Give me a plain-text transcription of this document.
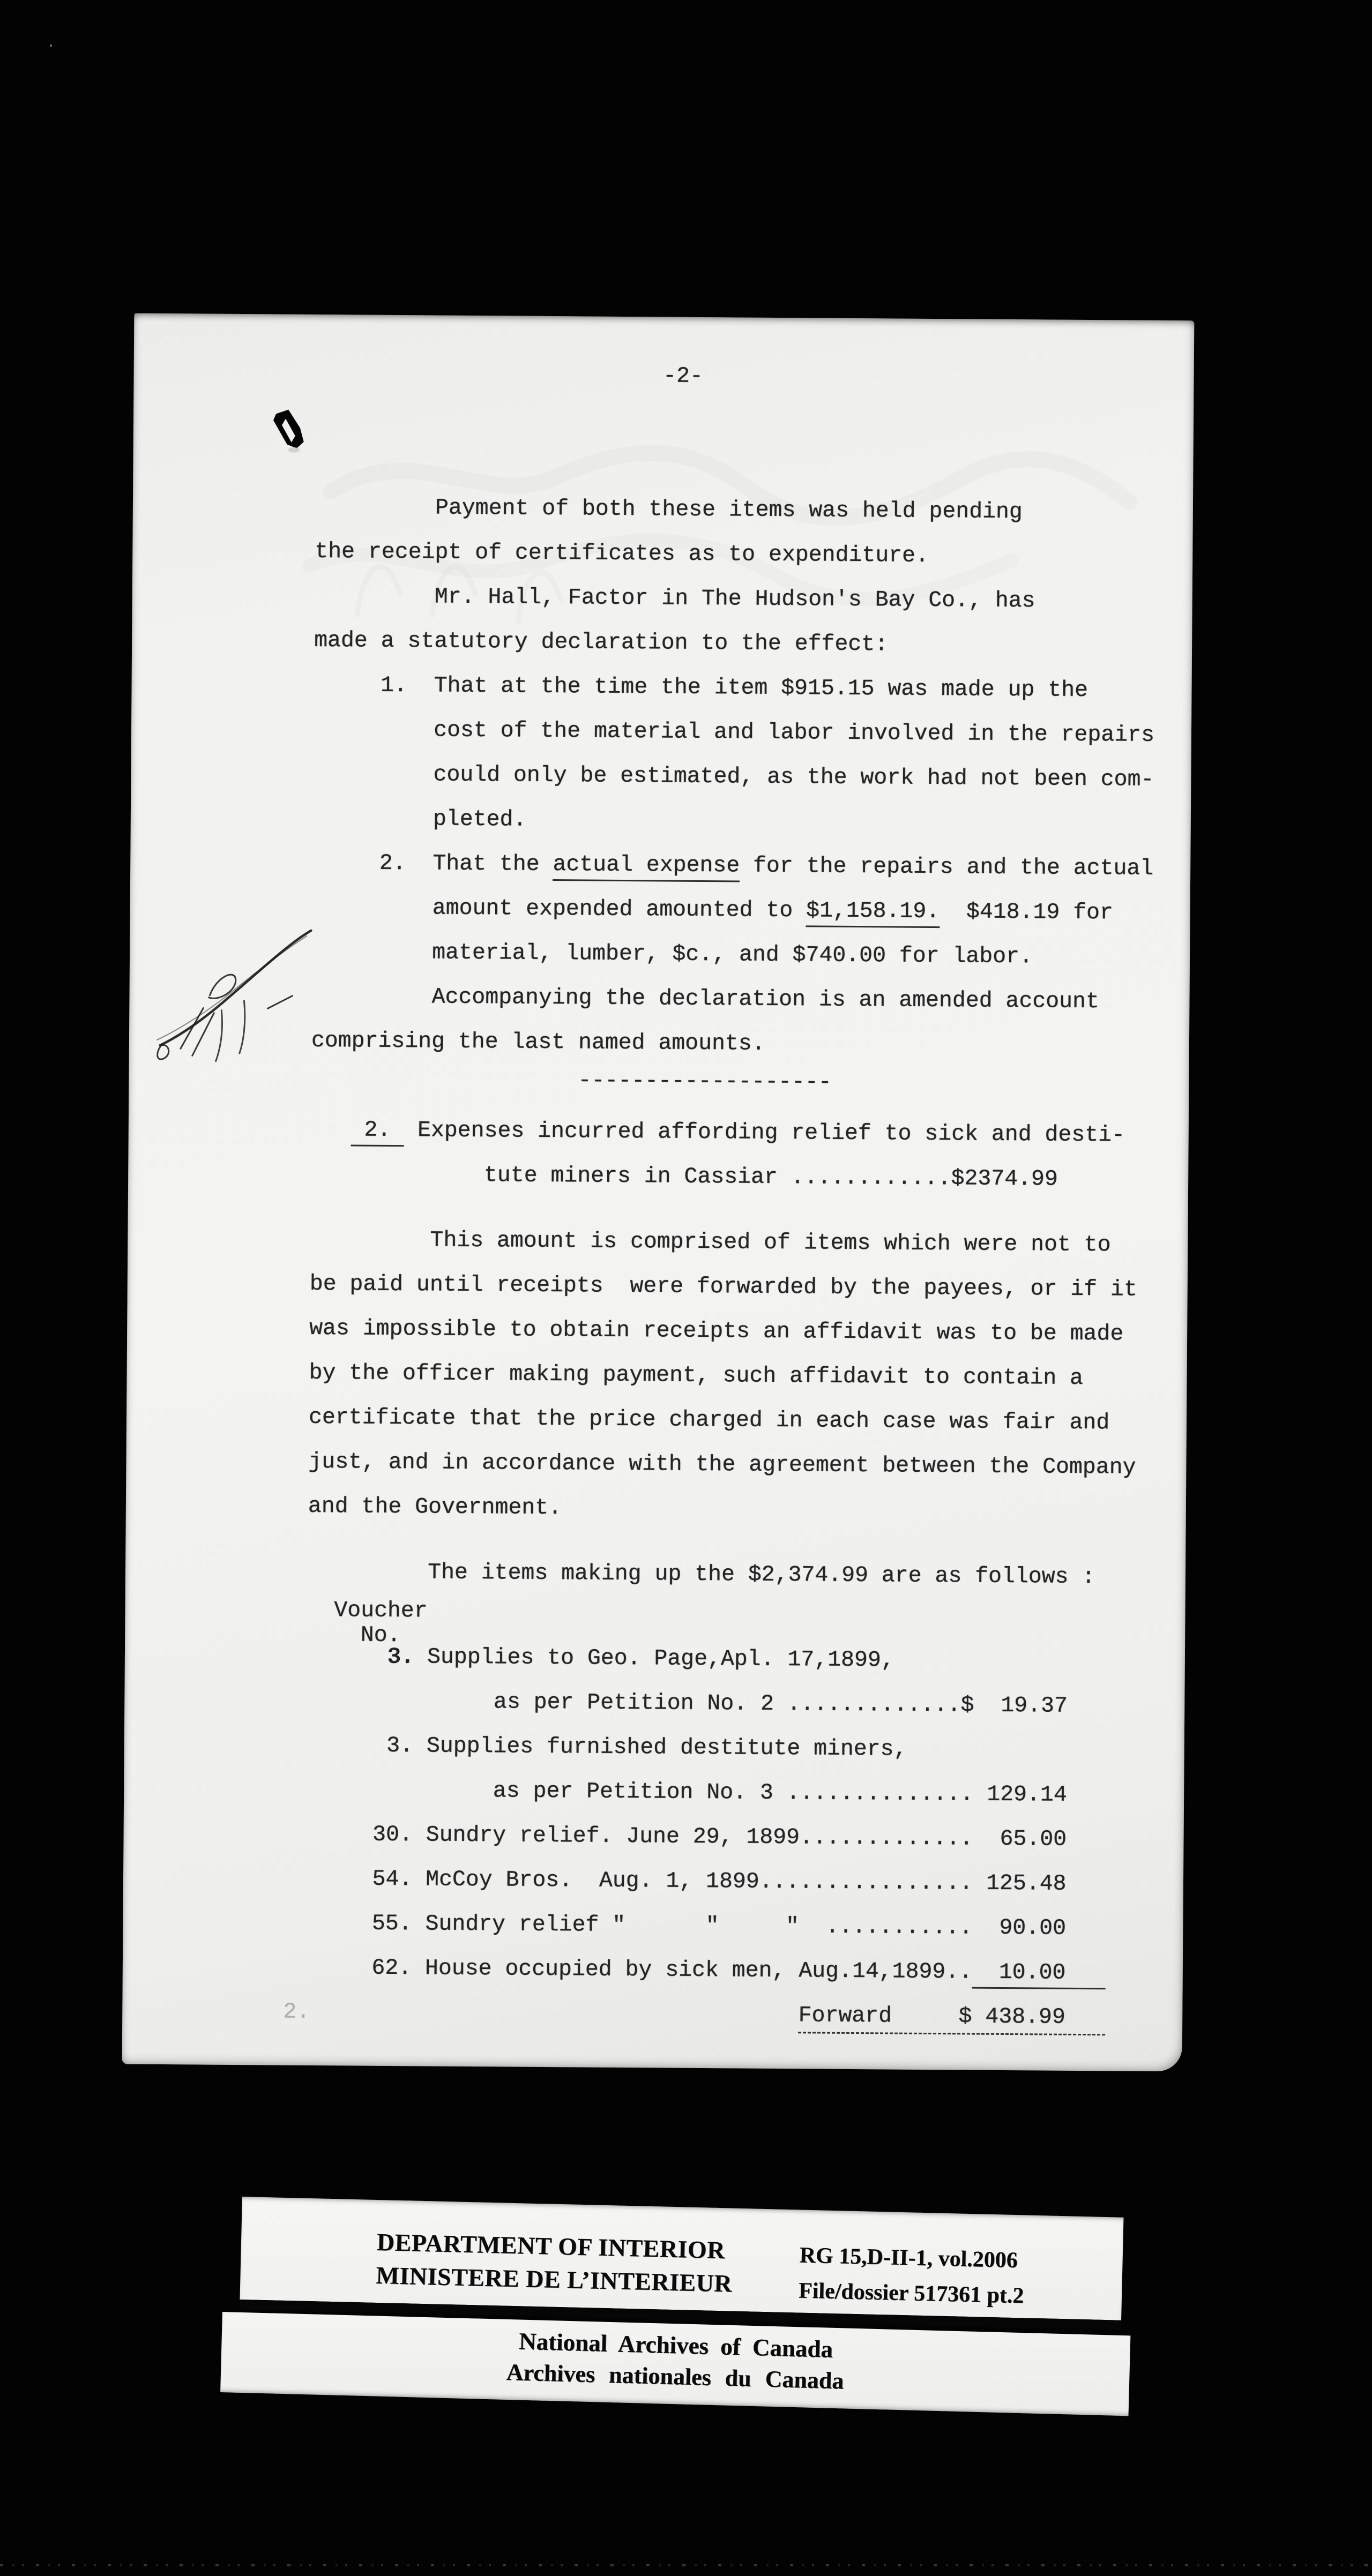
-2-
Payment of both these items was held pending
the receipt of certificates as to expenditure.
Mr. Hall, Factor in The Hudson's Bay Co., has
made a statutory declaration to the effect:
1.  That at the time the item $915.15 was made up the
cost of the material and labor involved in the repairs
could only be estimated, as the work had not been com-
pleted.
2.  That the actual expense for the repairs and the actual
amount expended amounted to $1,158.19.  $418.19 for
material, lumber, $c., and $740.00 for labor.
Accompanying the declaration is an amended account
comprising the last named amounts.
-------------------
2.  Expenses incurred affording relief to sick and desti-
tute miners in Cassiar ............$2374.99
This amount is comprised of items which were not to
be paid until receipts  were forwarded by the payees, or if it
was impossible to obtain receipts an affidavit was to be made
by the officer making payment, such affidavit to contain a
certificate that the price charged in each case was fair and
just, and in accordance with the agreement between the Company
and the Government.
The items making up the $2,374.99 are as follows :
Voucher
No.
3. Supplies to Geo. Page,Apl. 17,1899,
as per Petition No. 2 .............$  19.37
3. Supplies furnished destitute miners,
as per Petition No. 3 .............. 129.14
30. Sundry relief. June 29, 1899.............  65.00
54. McCoy Bros.  Aug. 1, 1899................ 125.48
55. Sundry relief "      "     "  ...........  90.00
62. House occupied by sick men, Aug.14,1899..  10.00
Forward     $ 438.99
2.
DEPARTMENT OF INTERIOR
MINISTERE DE L’INTERIEUR
RG 15,D-II-1, vol.2006
File/dossier 517361 pt.2
National Archives of Canada
Archives nationales du Canada
